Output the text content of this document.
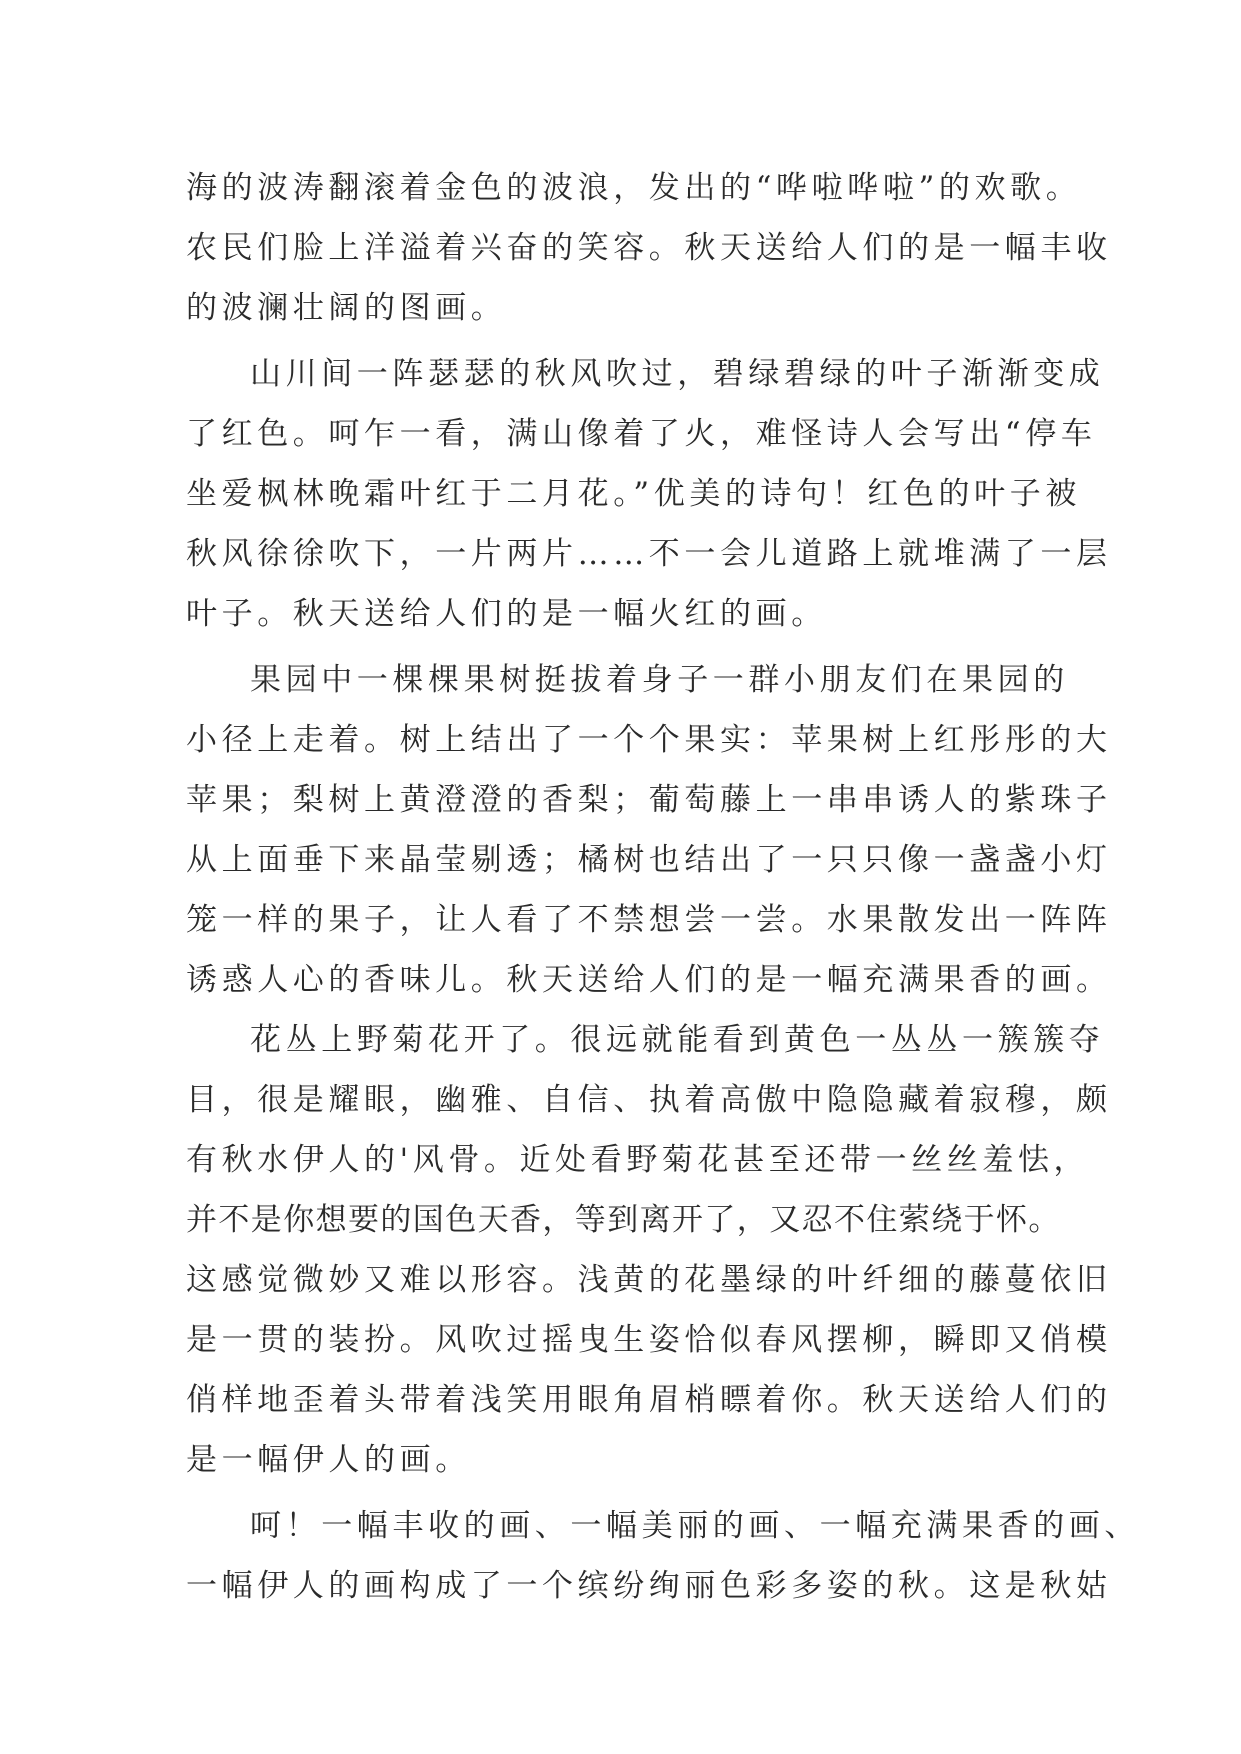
海的波涛翻滚着金色的波浪，发出的“哗啦哗啦”的欢歌。
农民们脸上洋溢着兴奋的笑容。秋天送给人们的是一幅丰收
的波澜壮阔的图画。
山川间一阵瑟瑟的秋风吹过，碧绿碧绿的叶子渐渐变成
了红色。呵乍一看，满山像着了火，难怪诗人会写出“停车
坐爱枫林晚霜叶红于二月花。”优美的诗句！红色的叶子被
秋风徐徐吹下，一片两片……不一会儿道路上就堆满了一层
叶子。秋天送给人们的是一幅火红的画。
果园中一棵棵果树挺拔着身子一群小朋友们在果园的
小径上走着。树上结出了一个个果实：苹果树上红彤彤的大
苹果；梨树上黄澄澄的香梨；葡萄藤上一串串诱人的紫珠子
从上面垂下来晶莹剔透；橘树也结出了一只只像一盏盏小灯
笼一样的果子，让人看了不禁想尝一尝。水果散发出一阵阵
诱惑人心的香味儿。秋天送给人们的是一幅充满果香的画。
花丛上野菊花开了。很远就能看到黄色一丛丛一簇簇夺
目，很是耀眼，幽雅、自信、执着高傲中隐隐藏着寂穆，颇
有秋水伊人的'风骨。近处看野菊花甚至还带一丝丝羞怯，
并不是你想要的国色天香，等到离开了，又忍不住萦绕于怀。
这感觉微妙又难以形容。浅黄的花墨绿的叶纤细的藤蔓依旧
是一贯的装扮。风吹过摇曳生姿恰似春风摆柳，瞬即又俏模
俏样地歪着头带着浅笑用眼角眉梢瞟着你。秋天送给人们的
是一幅伊人的画。
呵！一幅丰收的画、一幅美丽的画、一幅充满果香的画、
一幅伊人的画构成了一个缤纷绚丽色彩多姿的秋。这是秋姑
